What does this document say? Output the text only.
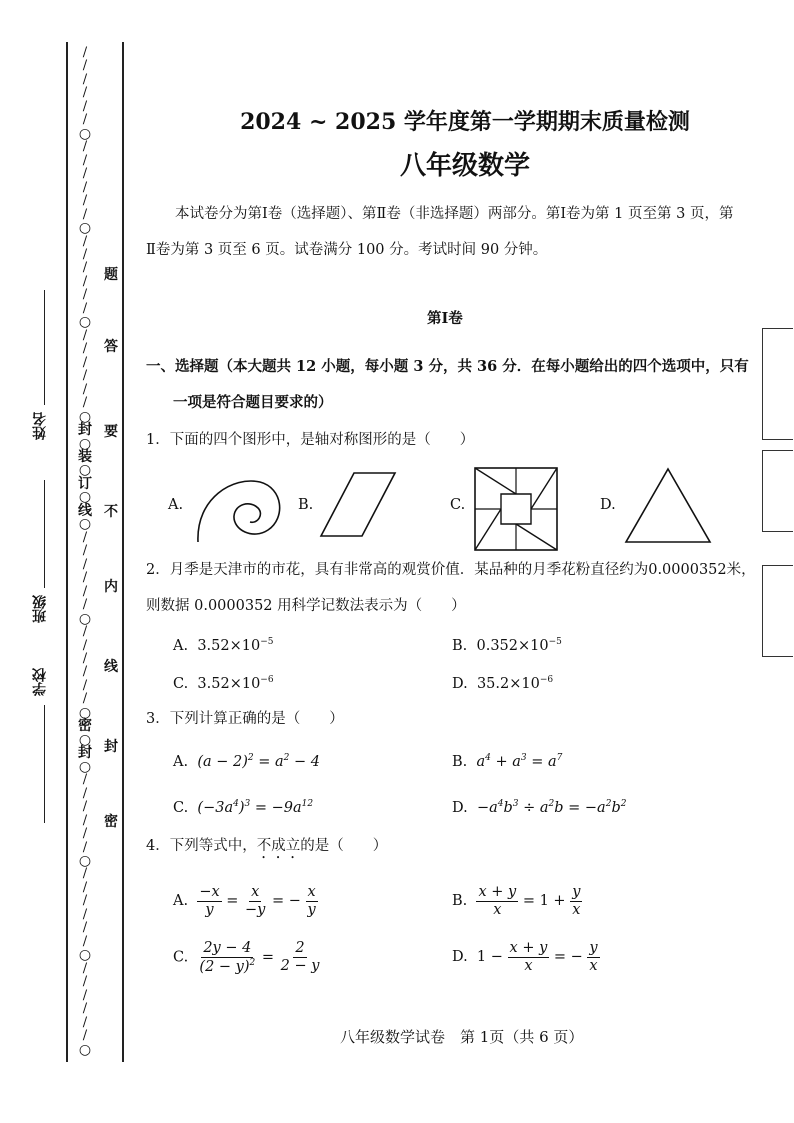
/
/
/
/
/
/
○
/
/
/
/
/
/
○
/
/
/
/
/
/
○
/
/
/
/
/
/
○
封
○
装
○
订
○
线
○
/
/
/
/
/
/
○
/
/
/
/
/
/
○
密
○
封
○
/
/
/
/
/
/
○
/
/
/
/
/
/
○
/
/
/
/
/
/
○
题
答
要
不
内
线
封
密
姓名
班级
学校
2024 ~ 2025 学年度第一学期期末质量检测
八年级数学
本试卷分为第Ⅰ卷（选择题）、第Ⅱ卷（非选择题）两部分。第Ⅰ卷为第 1 页至第 3 页，第
Ⅱ卷为第 3 页至 6 页。试卷满分 100 分。考试时间 90 分钟。
第Ⅰ卷
一、选择题（本大题共 12 小题，每小题 3 分，共 36 分．在每小题给出的四个选项中，只有
一项是符合题目要求的）
1．下面的四个图形中，是轴对称图形的是（　　）
A.	B.	C.	D.
2．月季是天津市的市花，具有非常高的观赏价值．某品种的月季花粉直径约为0.0000352米，
则数据 0.0000352 用科学记数法表示为（　　）
A. $3.52\times 10^{-5}$	B. $0.352\times 10^{-5}$
C. $3.52\times 10^{-6}$	D. $35.2\times 10^{-6}$
3．下列计算正确的是（　　）
A. $(a - 2)^2 = a^2 - 4$	B. $a^4 + a^3 = a^7$
C. $(-3a^4)^3 = -9a^{12}$	D. $-a^4b^3 \div a^2b = -a^2b^2$
4．下列等式中，不成立的是（　　）
A. $\frac{-x}{y} = \frac{x}{-y}$ = − $\frac{x}{y}$	B. $\frac{x + y}{x} = 1 + \frac{y}{x}$
C. $\frac{2y - 4}{(2 - y)^2} = \frac{2}{2 - y}$	D.  $1 - \frac{x + y}{x}$ = − $\frac{y}{x}$
八年级数学试卷　第 1页（共 6 页）
